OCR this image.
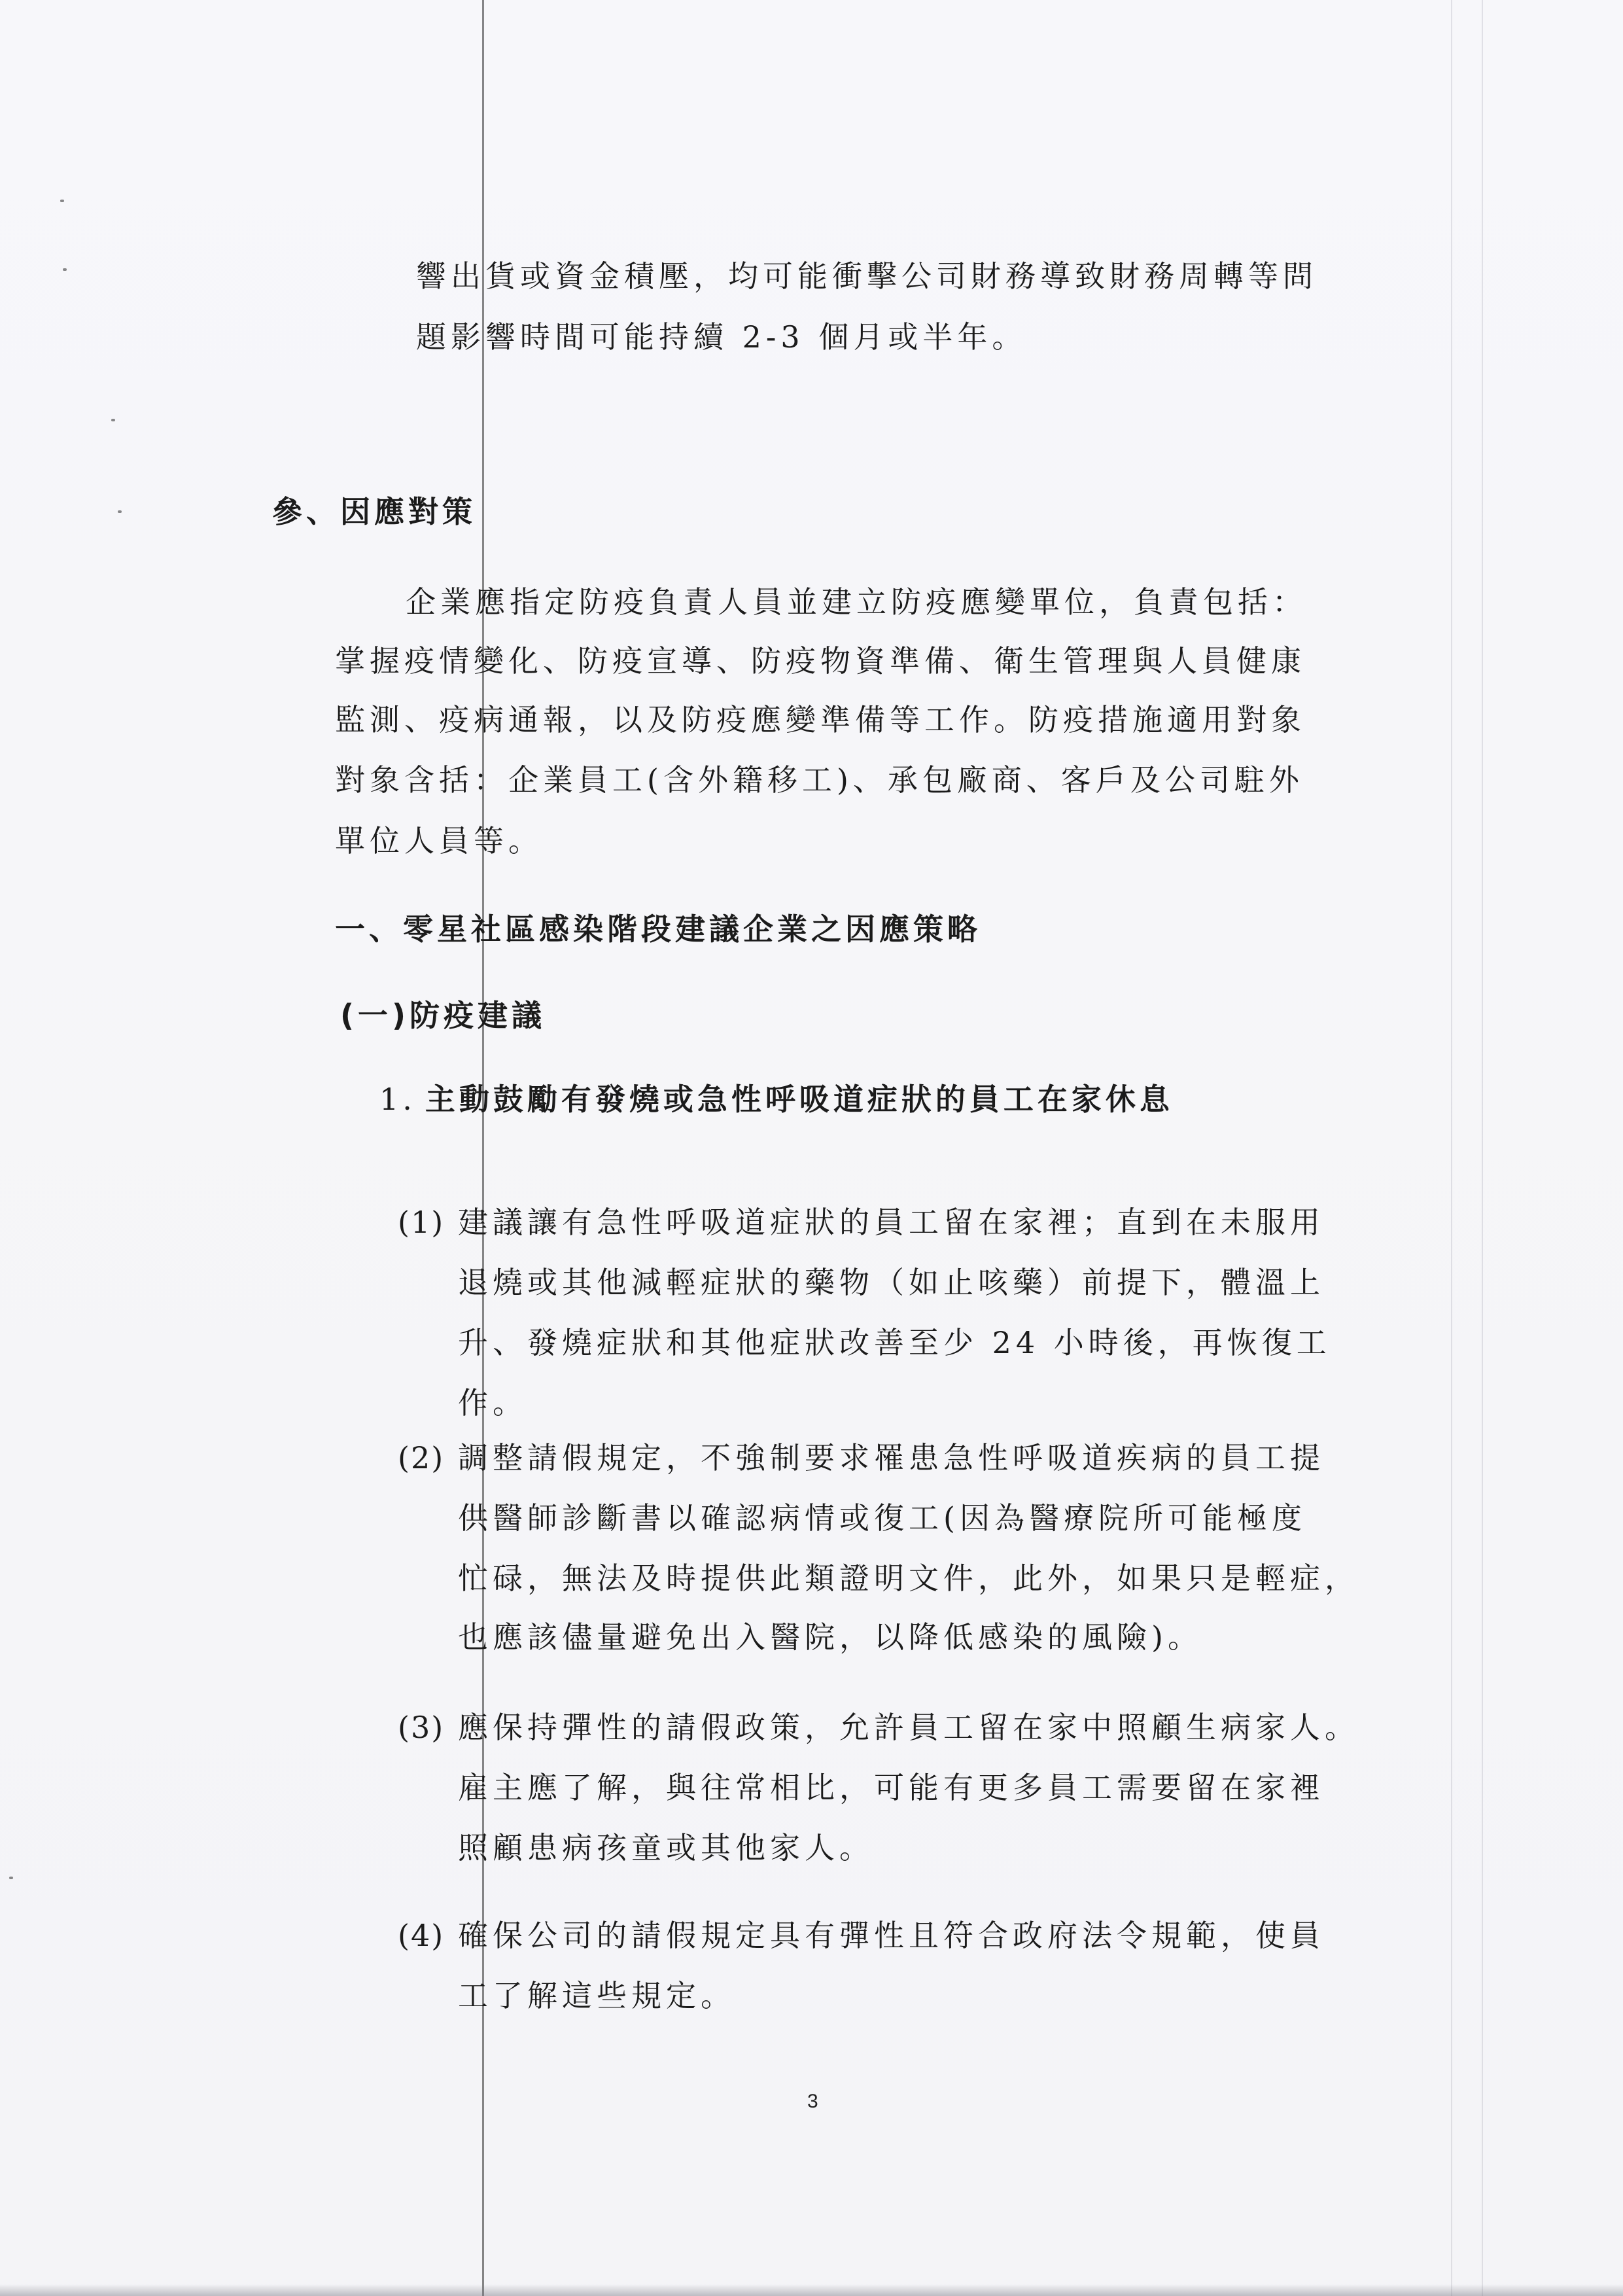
響出貨或資金積壓，均可能衝擊公司財務導致財務周轉等問
題影響時間可能持續 2-3 個月或半年。
參、因應對策
企業應指定防疫負責人員並建立防疫應變單位，負責包括：
掌握疫情變化、防疫宣導、防疫物資準備、衛生管理與人員健康
監測、疫病通報，以及防疫應變準備等工作。防疫措施適用對象
對象含括：企業員工(含外籍移工)、承包廠商、客戶及公司駐外
單位人員等。
一、零星社區感染階段建議企業之因應策略
(一)防疫建議
1. 主動鼓勵有發燒或急性呼吸道症狀的員工在家休息
(1) 建議讓有急性呼吸道症狀的員工留在家裡；直到在未服用
退燒或其他減輕症狀的藥物（如止咳藥）前提下，體溫上
升、發燒症狀和其他症狀改善至少 24 小時後，再恢復工
作。
(2) 調整請假規定，不強制要求罹患急性呼吸道疾病的員工提
供醫師診斷書以確認病情或復工(因為醫療院所可能極度
忙碌，無法及時提供此類證明文件，此外，如果只是輕症，
也應該儘量避免出入醫院，以降低感染的風險)。
(3) 應保持彈性的請假政策，允許員工留在家中照顧生病家人。
雇主應了解，與往常相比，可能有更多員工需要留在家裡
照顧患病孩童或其他家人。
(4) 確保公司的請假規定具有彈性且符合政府法令規範，使員
工了解這些規定。
3
